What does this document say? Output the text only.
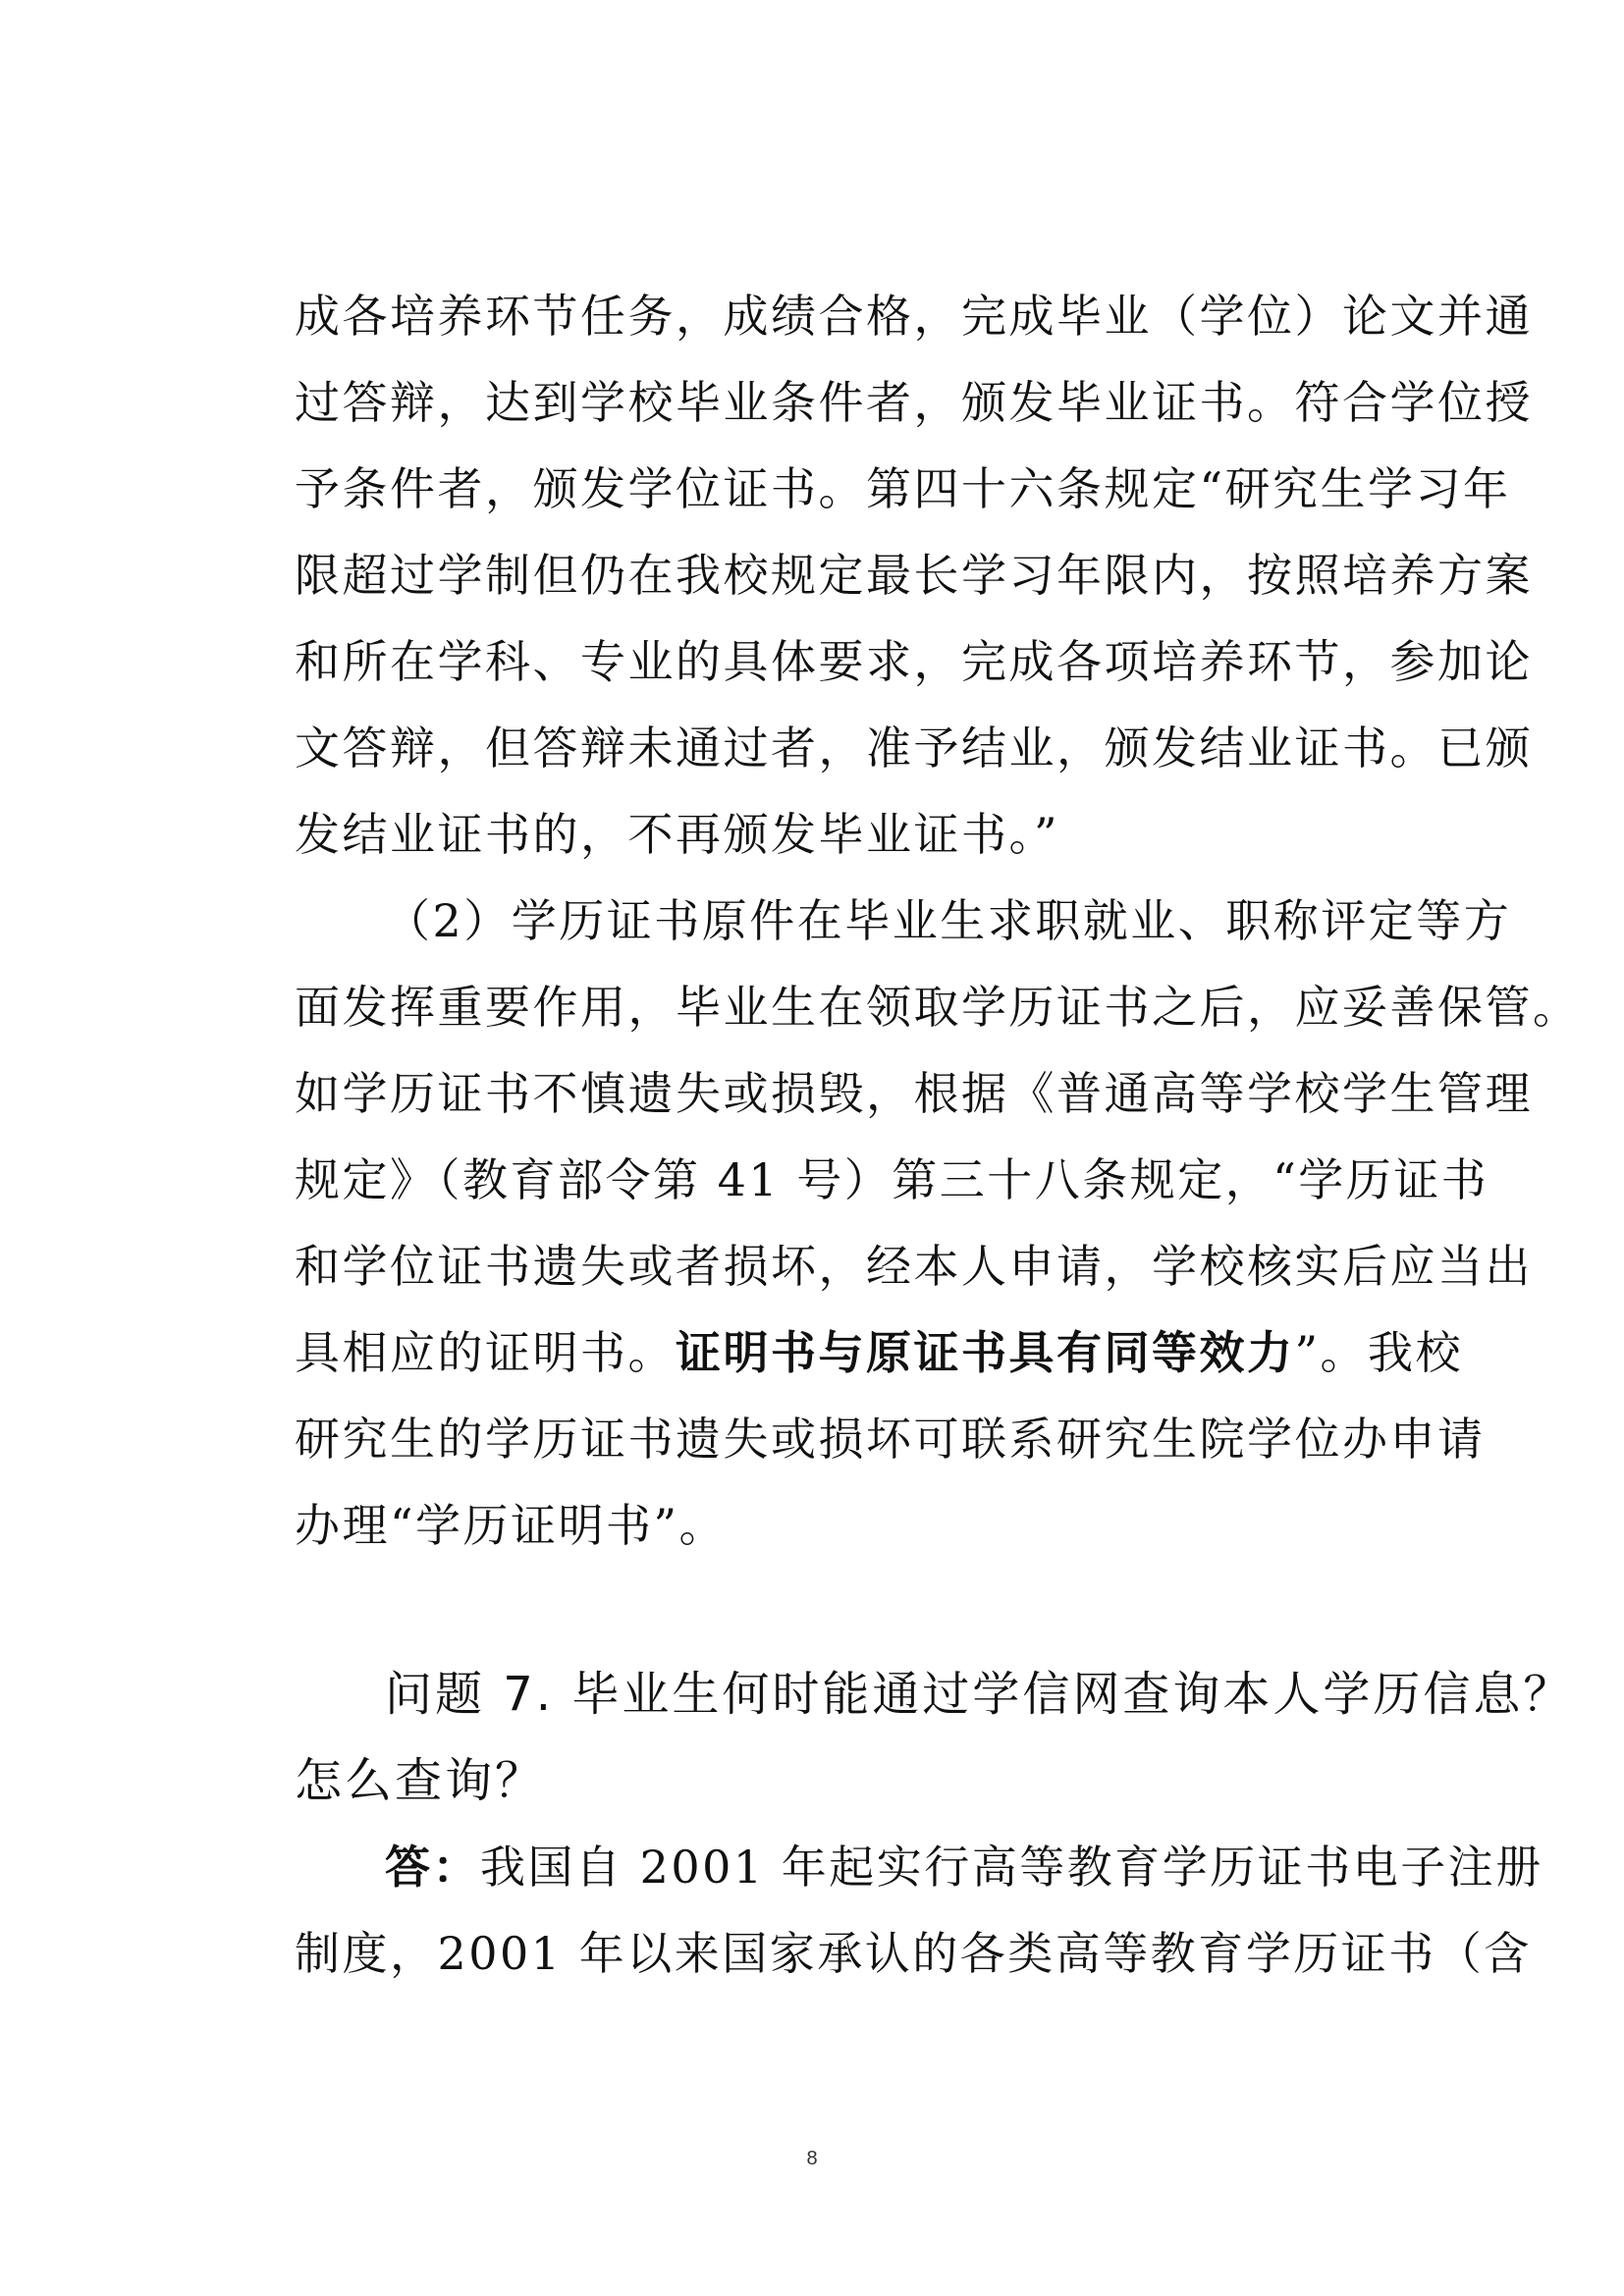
成各培养环节任务，成绩合格，完成毕业（学位）论文并通
过答辩，达到学校毕业条件者，颁发毕业证书。符合学位授
予条件者，颁发学位证书。第四十六条规定“研究生学习年
限超过学制但仍在我校规定最长学习年限内，按照培养方案
和所在学科、专业的具体要求，完成各项培养环节，参加论
文答辩，但答辩未通过者，准予结业，颁发结业证书。已颁
发结业证书的，不再颁发毕业证书。”
（2）学历证书原件在毕业生求职就业、职称评定等方
面发挥重要作用，毕业生在领取学历证书之后，应妥善保管。
如学历证书不慎遗失或损毁，根据《普通高等学校学生管理
规定》（教育部令第 41 号）第三十八条规定，“学历证书
和学位证书遗失或者损坏，经本人申请，学校核实后应当出
具相应的证明书。证明书与原证书具有同等效力”。我校
研究生的学历证书遗失或损坏可联系研究生院学位办申请
办理“学历证明书”。
问题 7. 毕业生何时能通过学信网查询本人学历信息？
怎么查询？
答：我国自 2001 年起实行高等教育学历证书电子注册
制度，2001 年以来国家承认的各类高等教育学历证书（含
8
